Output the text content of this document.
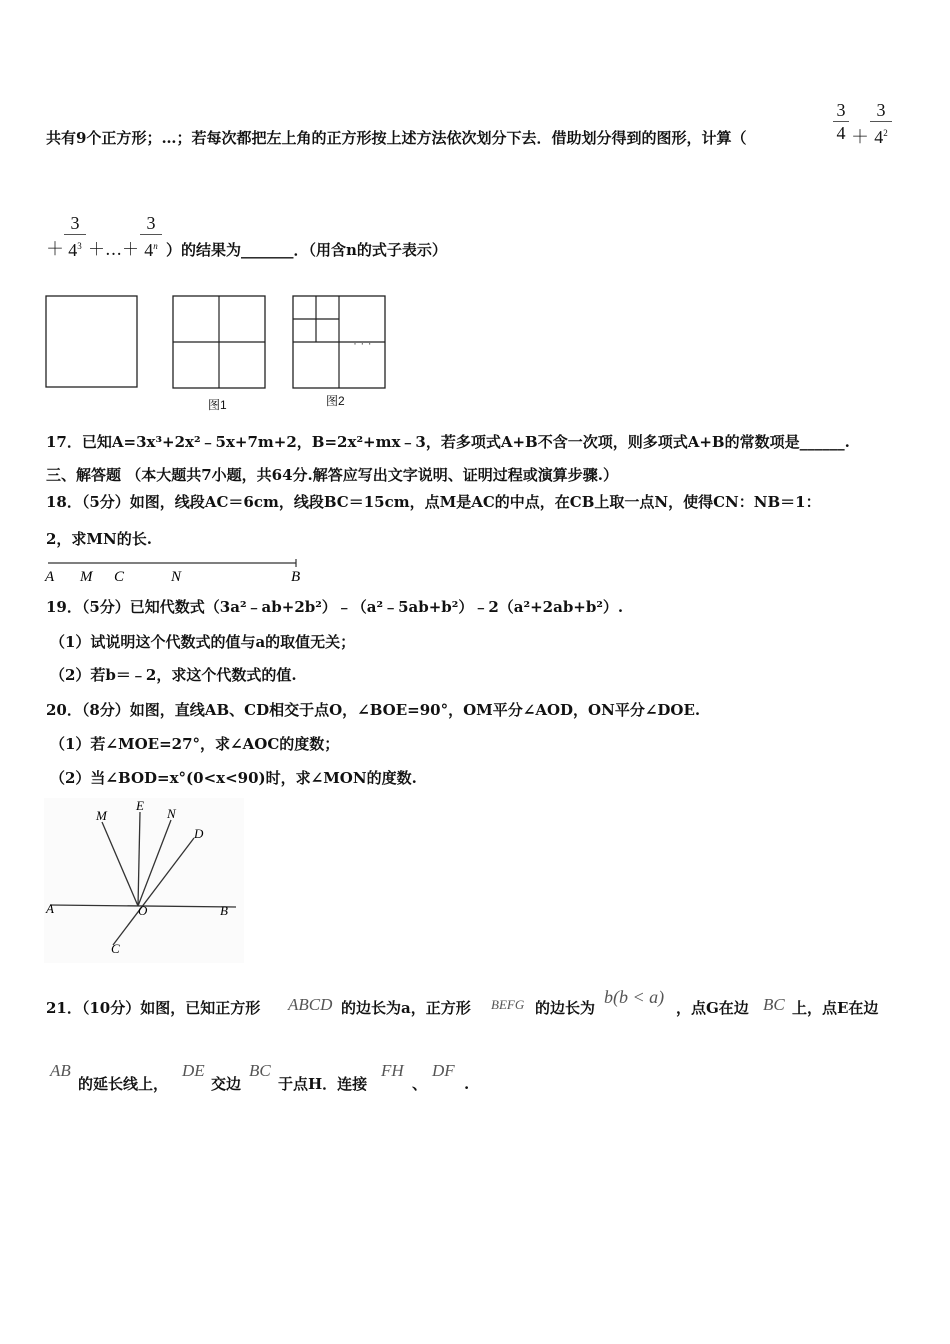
共有9个正方形；…；若每次都把左上角的正方形按上述方法依次划分下去．借助划分得到的图形，计算（
3
4 ＋
3
$4^2$
＋
3
$4^3$ ＋…＋
3
4$^n$ ）的结果为_______．（用含n的式子表示）
· · ·
图1	图2
17．已知A=3x³+2x²﹣5x+7m+2，B=2x²+mx﹣3，若多项式A+B不含一次项，则多项式A+B的常数项是______.
三、解答题 （本大题共7小题，共64分.解答应写出文字说明、证明过程或演算步骤.）
18．（5分）如图，线段AC＝6cm，线段BC＝15cm，点M是AC的中点，在CB上取一点N，使得CN：NB＝1：
2，求MN的长.
A M C	N	B
19．（5分）已知代数式（3a²﹣ab+2b²）﹣（a²﹣5ab+b²）﹣2（a²+2ab+b²）.
（1）试说明这个代数式的值与a的取值无关；
（2）若b＝﹣2，求这个代数式的值.
20．（8分）如图，直线AB、CD相交于点O，∠BOE=90°，OM平分∠AOD，ON平分∠DOE.
（1）若∠MOE=27°，求∠AOC的度数；
（2）当∠BOD=x°(0<x<90)时，求∠MON的度数.
M
E
N
D
A	O	B
C
21．（10分）如图，已知正方形 ABCD 的边长为a，正方形 BEFG 的边长为
b(b < a)
，点G在边 BC 上，点E在边
AB
的延长线上，
DE
交边
BC
于点H．连接
FH
、
DF
.
